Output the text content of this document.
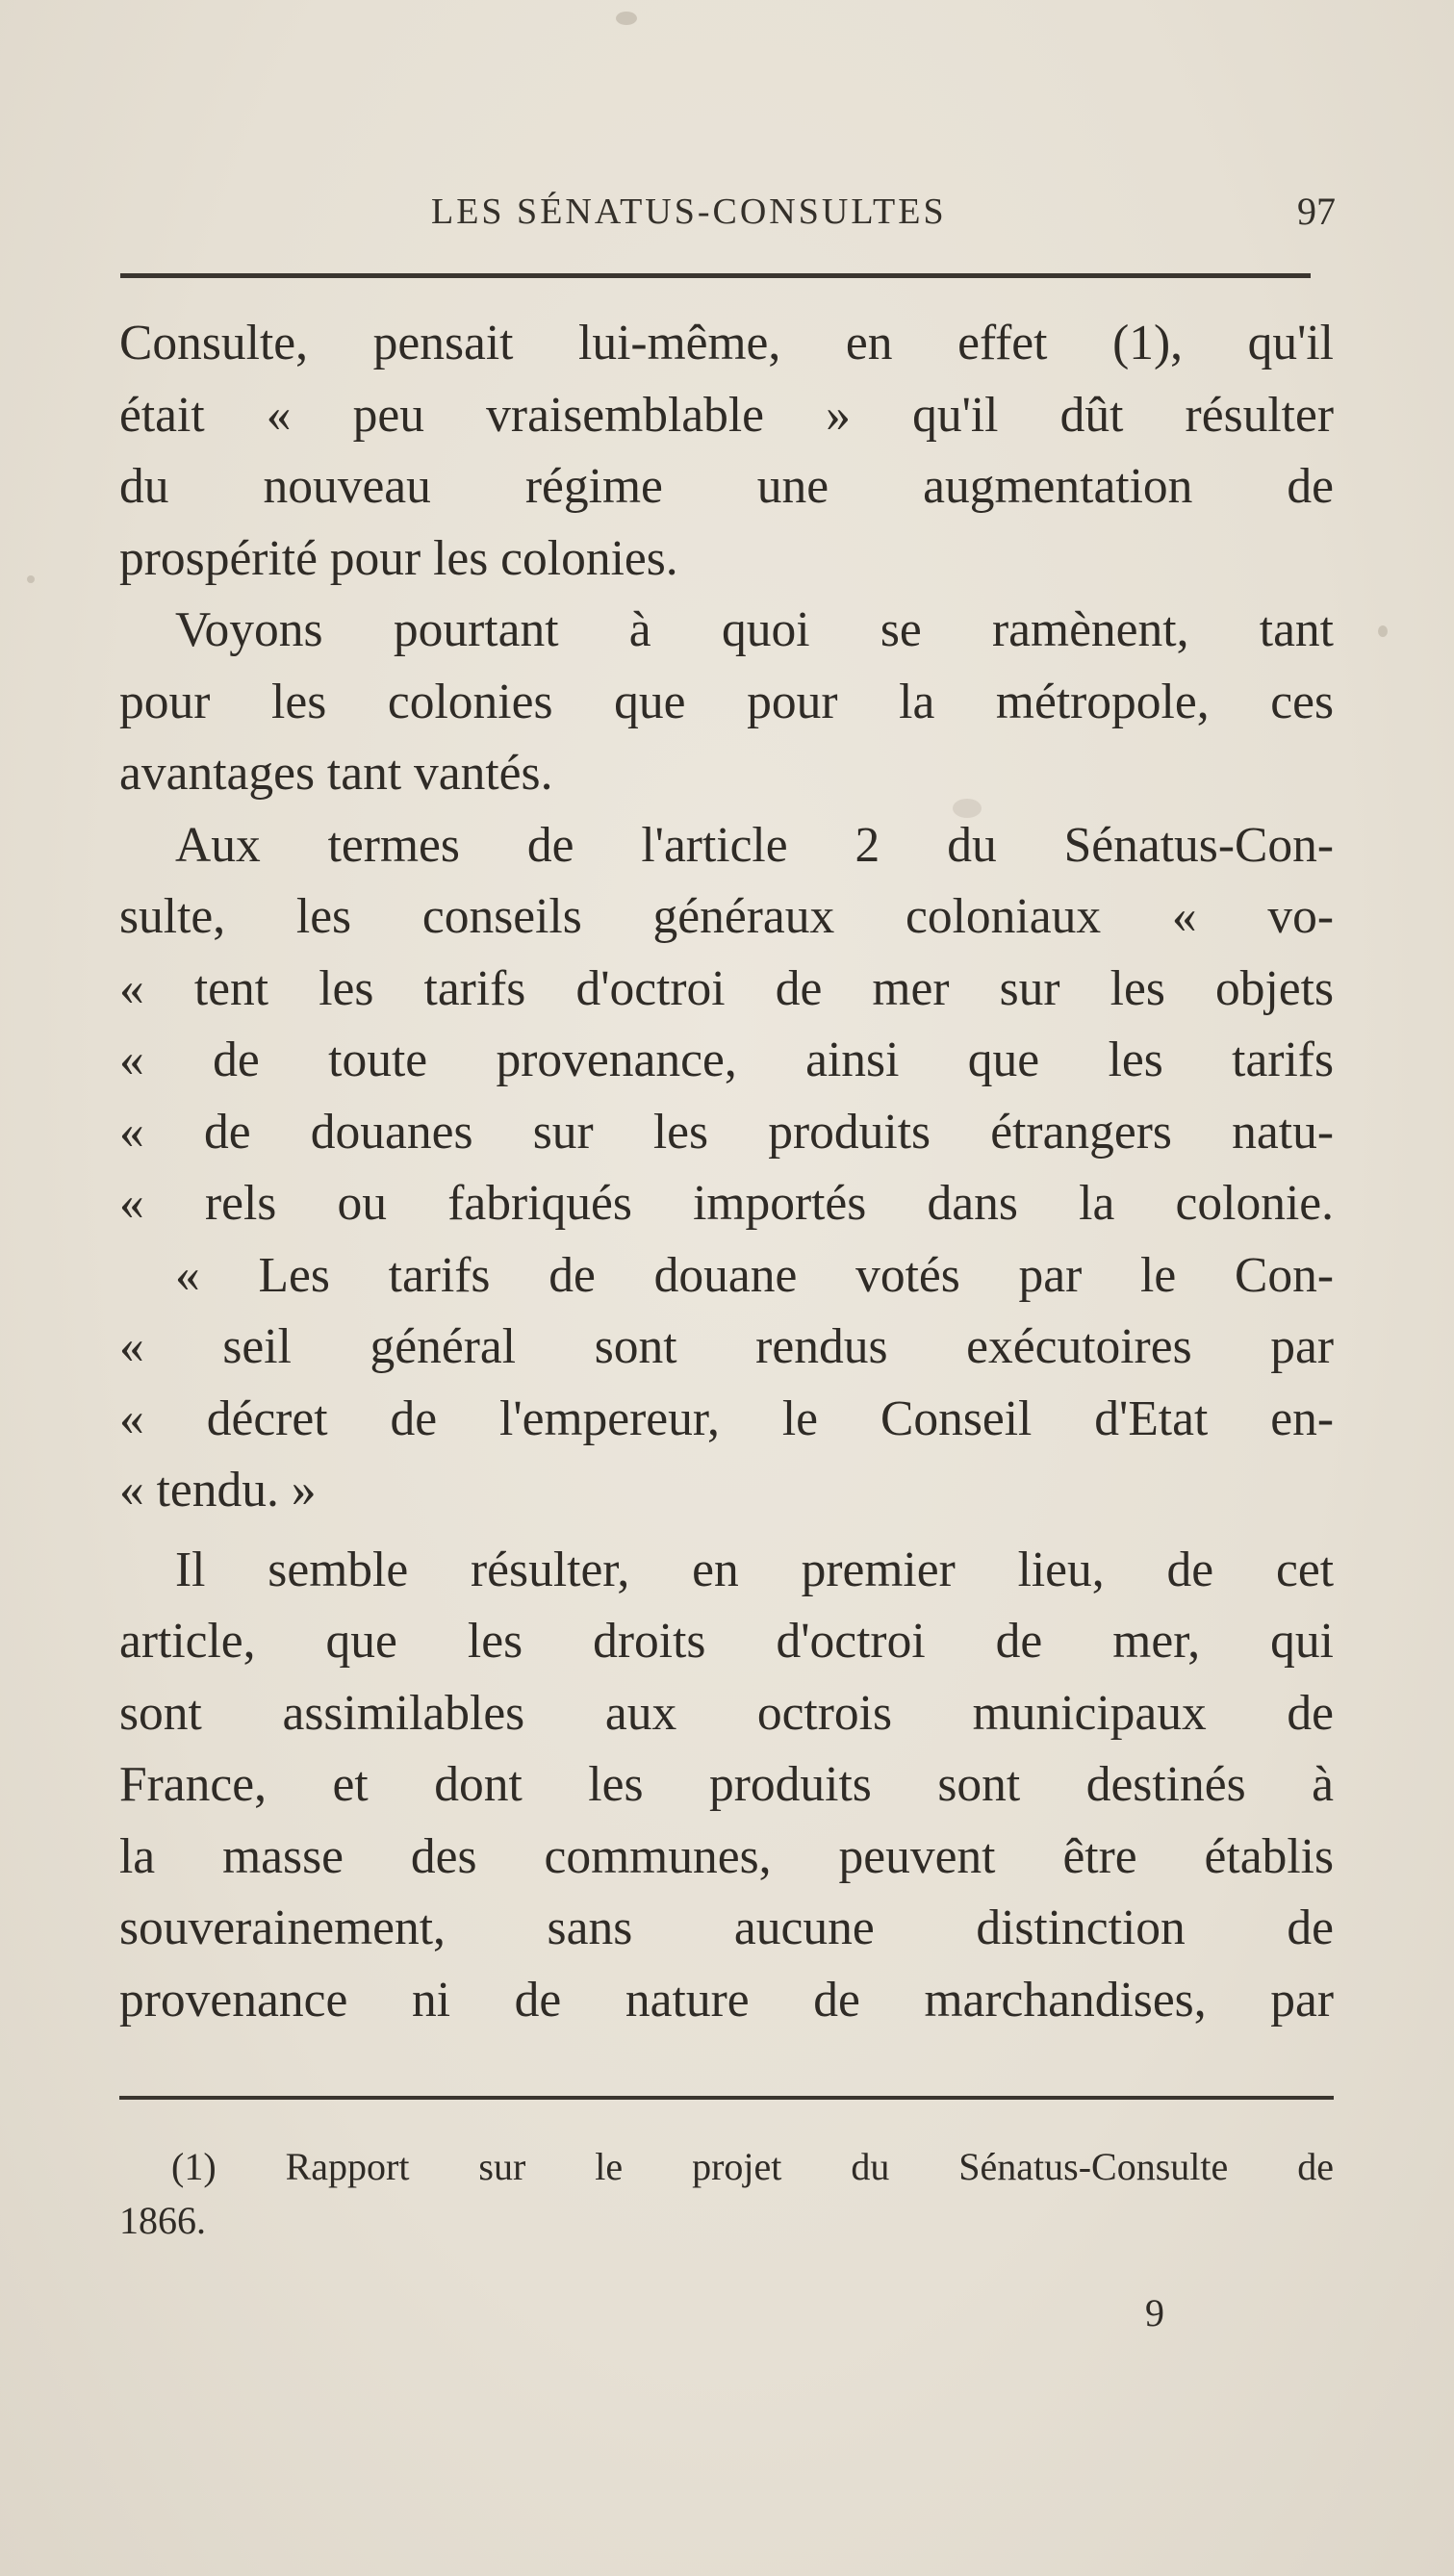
LES SÉNATUS-CONSULTES	97
Consulte, pensait lui-même, en effet (1), qu'il
était « peu vraisemblable » qu'il dût résulter
du nouveau régime une augmentation de
prospérité pour les colonies.
Voyons pourtant à quoi se ramènent, tant
pour les colonies que pour la métropole, ces
avantages tant vantés.
Aux termes de l'article 2 du Sénatus-Con-
sulte, les conseils généraux coloniaux « vo-
« tent les tarifs d'octroi de mer sur les objets
« de toute provenance, ainsi que les tarifs
« de douanes sur les produits étrangers natu-
« rels ou fabriqués importés dans la colonie.
« Les tarifs de douane votés par le Con-
« seil général sont rendus exécutoires par
« décret de l'empereur, le Conseil d'Etat en-
« tendu. »
Il semble résulter, en premier lieu, de cet
article, que les droits d'octroi de mer, qui
sont assimilables aux octrois municipaux de
France, et dont les produits sont destinés à
la masse des communes, peuvent être établis
souverainement, sans aucune distinction de
provenance ni de nature de marchandises, par
(1) Rapport sur le projet du Sénatus-Consulte de
1866.
9
